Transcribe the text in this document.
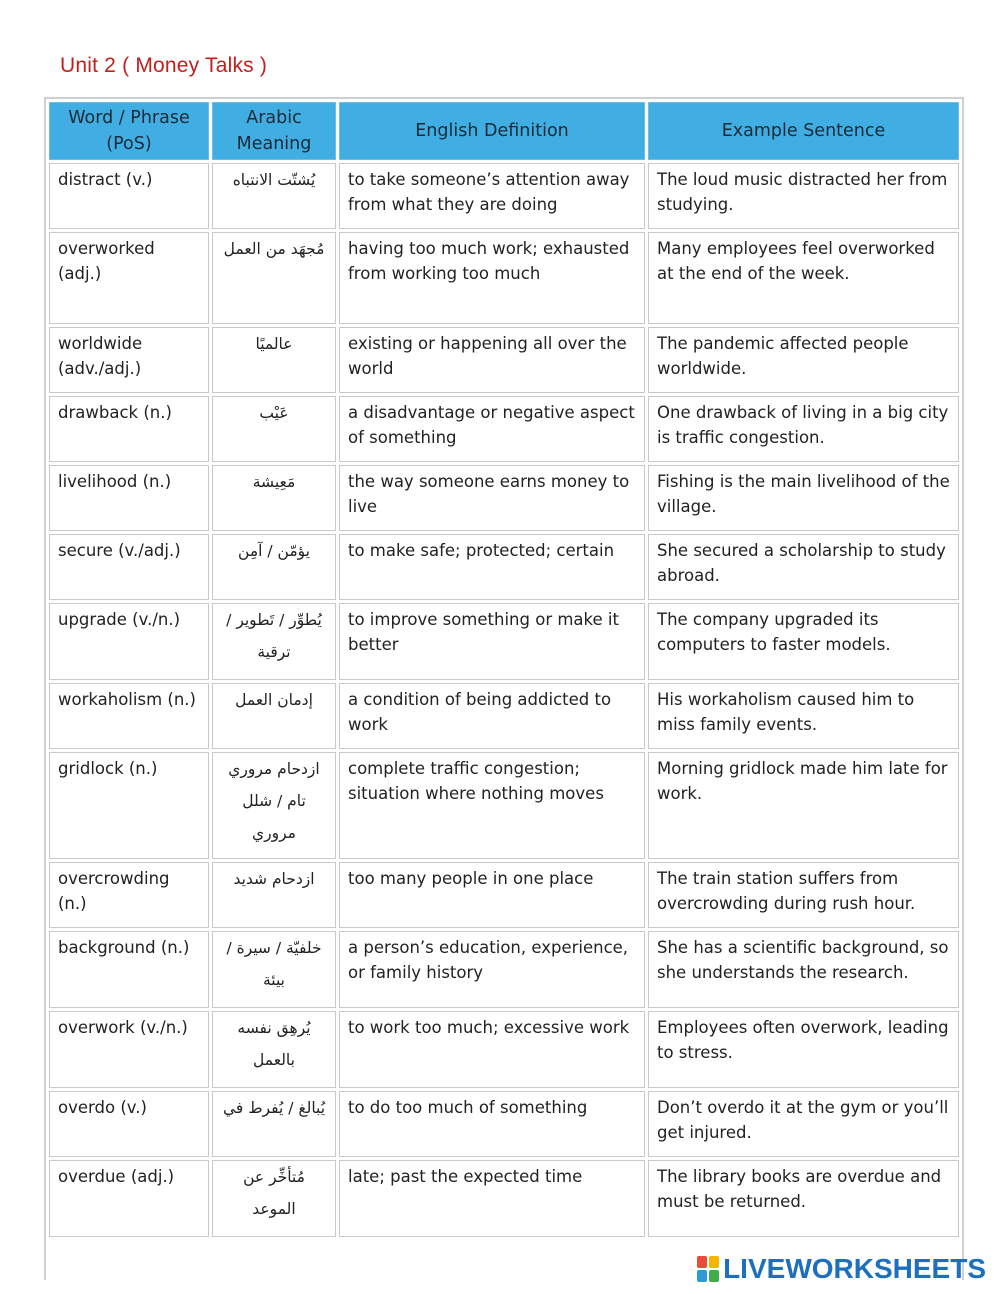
Unit 2 ( Money Talks )
Word / Phrase (PoS)	Arabic Meaning	English Definition	Example Sentence
distract (v.)	يُشتّت الانتباه	to take someone’s attention away from what they are doing	The loud music distracted her from studying.
overworked (adj.)	مُجهَد من العمل	having too much work; exhausted from working too much	Many employees feel overworked at the end of the week.
worldwide (adv./adj.)	عالميًا	existing or happening all over the world	The pandemic affected people worldwide.
drawback (n.)	عَيْب	a disadvantage or negative aspect of something	One drawback of living in a big city is traffic congestion.
livelihood (n.)	مَعِيشة	the way someone earns money to live	Fishing is the main livelihood of the village.
secure (v./adj.)	يؤمّن / آمِن	to make safe; protected; certain	She secured a scholarship to study abroad.
upgrade (v./n.)	يُطوِّر / تَطوير / ترقية	to improve something or make it better	The company upgraded its computers to faster models.
workaholism (n.)	إدمان العمل	a condition of being addicted to work	His workaholism caused him to miss family events.
gridlock (n.)	ازدحام مروري تام / شلل مروري	complete traffic congestion; situation where nothing moves	Morning gridlock made him late for work.
overcrowding (n.)	ازدحام شديد	too many people in one place	The train station suffers from overcrowding during rush hour.
background (n.)	خلفيّة / سيرة / بيئة	a person’s education, experience, or family history	She has a scientific background, so she understands the research.
overwork (v./n.)	يُرهِق نفسه بالعمل	to work too much; excessive work	Employees often overwork, leading to stress.
overdo (v.)	يُبالغ / يُفرط في	to do too much of something	Don’t overdo it at the gym or you’ll get injured.
overdue (adj.)	مُتأخِّر عن الموعد	late; past the expected time	The library books are overdue and must be returned.
LIVEWORKSHEETS
